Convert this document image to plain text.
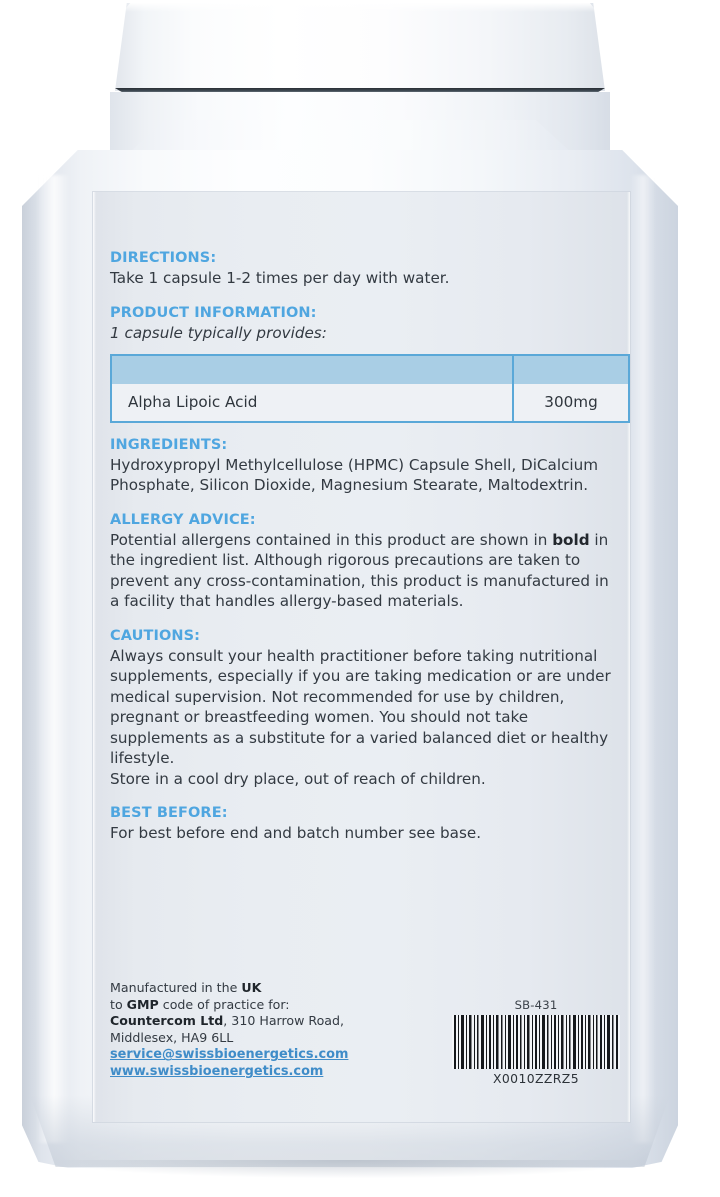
DIRECTIONS:

Take 1 capsule 1-2 times per day with water.

PRODUCT INFORMATION:

1 capsule typically provides:

Alpha Lipoic Acid	300mg
INGREDIENTS:

Hydroxypropyl Methylcellulose (HPMC) Capsule Shell, DiCalcium Phosphate, Silicon Dioxide, Magnesium Stearate, Maltodextrin.

ALLERGY ADVICE:

Potential allergens contained in this product are shown in bold in the ingredient list. Although rigorous precautions are taken to prevent any cross-contamination, this product is manufactured in a facility that handles allergy-based materials.

CAUTIONS:

Always consult your health practitioner before taking nutritional supplements, especially if you are taking medication or are under medical supervision. Not recommended for use by children, pregnant or breastfeeding women. You should not take supplements as a substitute for a varied balanced diet or healthy lifestyle.

Store in a cool dry place, out of reach of children.

BEST BEFORE:

For best before end and batch number see base.

Manufactured in the UK
to GMP code of practice for:
Countercom Ltd, 310 Harrow Road,
Middlesex, HA9 6LL
service@swissbioenergetics.com
www.swissbioenergetics.com
SB-431
X0010ZZRZ5
